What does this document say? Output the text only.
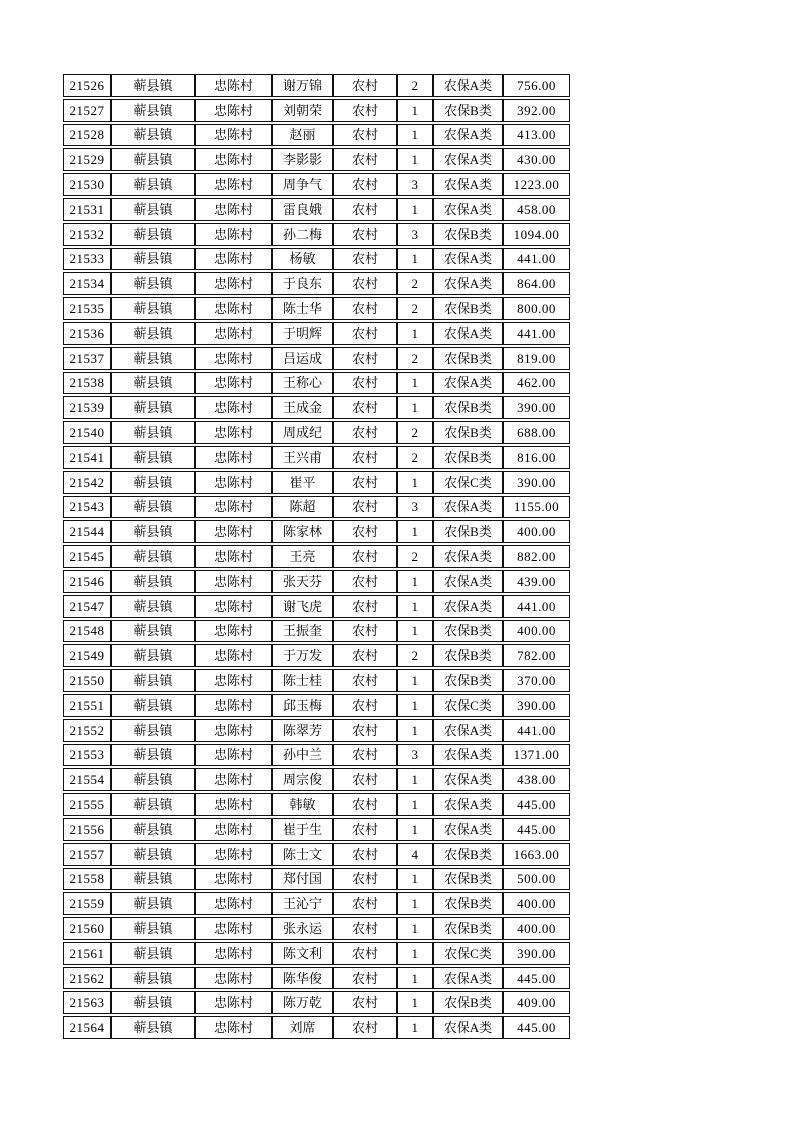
21526	蕲县镇	忠陈村	谢万锦	农村	2	农保A类	756.00
21527	蕲县镇	忠陈村	刘朝荣	农村	1	农保B类	392.00
21528	蕲县镇	忠陈村	赵丽	农村	1	农保A类	413.00
21529	蕲县镇	忠陈村	李影影	农村	1	农保A类	430.00
21530	蕲县镇	忠陈村	周争气	农村	3	农保A类	1223.00
21531	蕲县镇	忠陈村	雷良娥	农村	1	农保A类	458.00
21532	蕲县镇	忠陈村	孙二梅	农村	3	农保B类	1094.00
21533	蕲县镇	忠陈村	杨敏	农村	1	农保A类	441.00
21534	蕲县镇	忠陈村	于良东	农村	2	农保A类	864.00
21535	蕲县镇	忠陈村	陈士华	农村	2	农保B类	800.00
21536	蕲县镇	忠陈村	于明辉	农村	1	农保A类	441.00
21537	蕲县镇	忠陈村	吕运成	农村	2	农保B类	819.00
21538	蕲县镇	忠陈村	王称心	农村	1	农保A类	462.00
21539	蕲县镇	忠陈村	王成金	农村	1	农保B类	390.00
21540	蕲县镇	忠陈村	周成纪	农村	2	农保B类	688.00
21541	蕲县镇	忠陈村	王兴甫	农村	2	农保B类	816.00
21542	蕲县镇	忠陈村	崔平	农村	1	农保C类	390.00
21543	蕲县镇	忠陈村	陈超	农村	3	农保A类	1155.00
21544	蕲县镇	忠陈村	陈家林	农村	1	农保B类	400.00
21545	蕲县镇	忠陈村	王亮	农村	2	农保A类	882.00
21546	蕲县镇	忠陈村	张天芬	农村	1	农保A类	439.00
21547	蕲县镇	忠陈村	谢飞虎	农村	1	农保A类	441.00
21548	蕲县镇	忠陈村	王振奎	农村	1	农保B类	400.00
21549	蕲县镇	忠陈村	于万发	农村	2	农保B类	782.00
21550	蕲县镇	忠陈村	陈士桂	农村	1	农保B类	370.00
21551	蕲县镇	忠陈村	邱玉梅	农村	1	农保C类	390.00
21552	蕲县镇	忠陈村	陈翠芳	农村	1	农保A类	441.00
21553	蕲县镇	忠陈村	孙中兰	农村	3	农保A类	1371.00
21554	蕲县镇	忠陈村	周宗俊	农村	1	农保A类	438.00
21555	蕲县镇	忠陈村	韩敏	农村	1	农保A类	445.00
21556	蕲县镇	忠陈村	崔于生	农村	1	农保A类	445.00
21557	蕲县镇	忠陈村	陈士文	农村	4	农保B类	1663.00
21558	蕲县镇	忠陈村	郑付国	农村	1	农保B类	500.00
21559	蕲县镇	忠陈村	王沁宁	农村	1	农保B类	400.00
21560	蕲县镇	忠陈村	张永运	农村	1	农保B类	400.00
21561	蕲县镇	忠陈村	陈文利	农村	1	农保C类	390.00
21562	蕲县镇	忠陈村	陈华俊	农村	1	农保A类	445.00
21563	蕲县镇	忠陈村	陈万乾	农村	1	农保B类	409.00
21564	蕲县镇	忠陈村	刘席	农村	1	农保A类	445.00
